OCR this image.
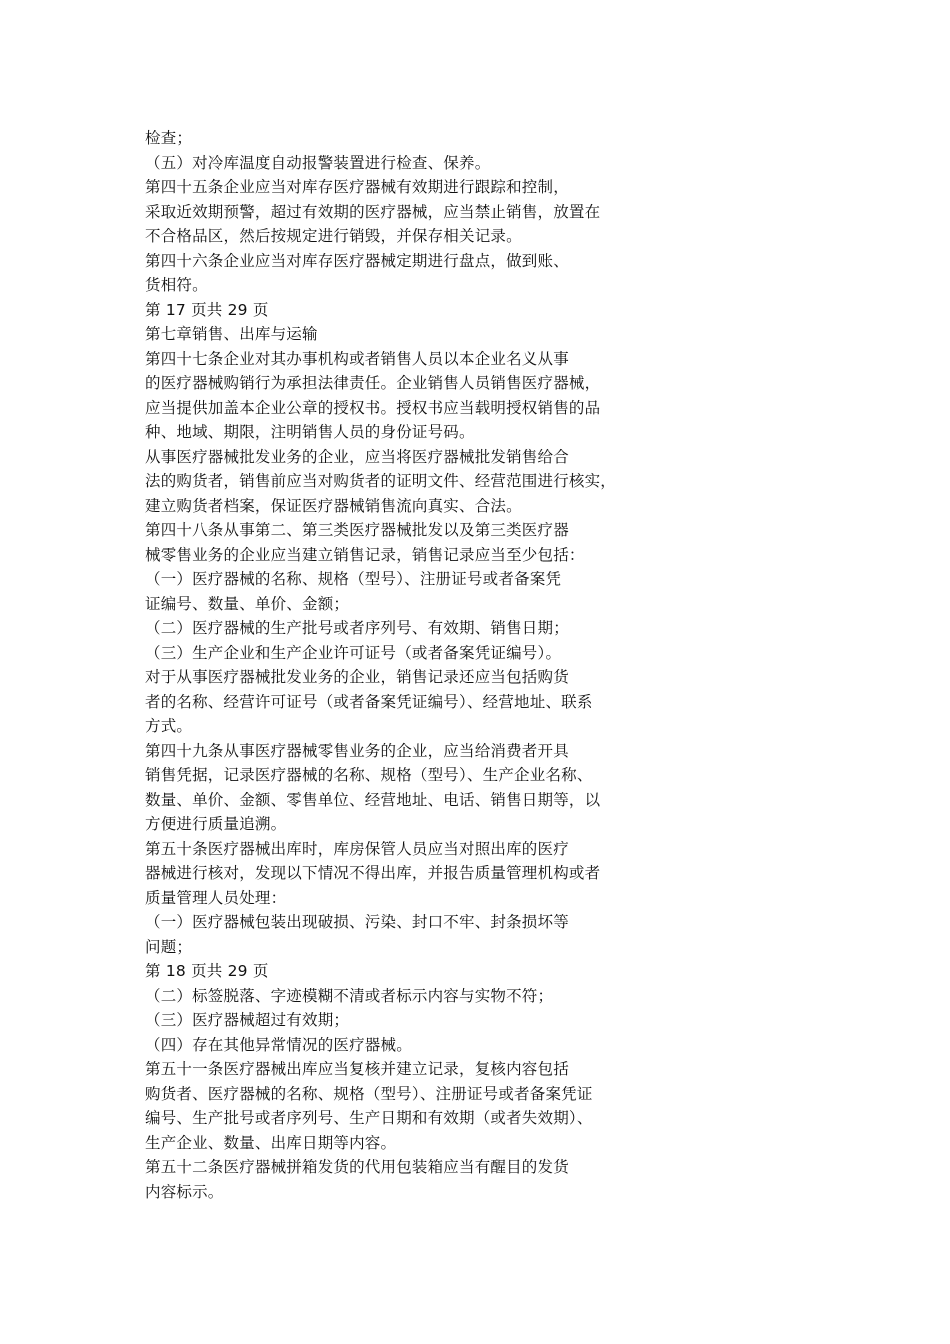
检查；
（五）对冷库温度自动报警装置进行检查、保养。
第四十五条企业应当对库存医疗器械有效期进行跟踪和控制，
采取近效期预警，超过有效期的医疗器械，应当禁止销售，放置在
不合格品区，然后按规定进行销毁，并保存相关记录。
第四十六条企业应当对库存医疗器械定期进行盘点，做到账、
货相符。
第 17 页共 29 页
第七章销售、出库与运输
第四十七条企业对其办事机构或者销售人员以本企业名义从事
的医疗器械购销行为承担法律责任。企业销售人员销售医疗器械，
应当提供加盖本企业公章的授权书。授权书应当载明授权销售的品
种、地域、期限，注明销售人员的身份证号码。
从事医疗器械批发业务的企业，应当将医疗器械批发销售给合
法的购货者，销售前应当对购货者的证明文件、经营范围进行核实，
建立购货者档案，保证医疗器械销售流向真实、合法。
第四十八条从事第二、第三类医疗器械批发以及第三类医疗器
械零售业务的企业应当建立销售记录，销售记录应当至少包括：
（一）医疗器械的名称、规格（型号）、注册证号或者备案凭
证编号、数量、单价、金额；
（二）医疗器械的生产批号或者序列号、有效期、销售日期；
（三）生产企业和生产企业许可证号（或者备案凭证编号）。
对于从事医疗器械批发业务的企业，销售记录还应当包括购货
者的名称、经营许可证号（或者备案凭证编号）、经营地址、联系
方式。
第四十九条从事医疗器械零售业务的企业，应当给消费者开具
销售凭据，记录医疗器械的名称、规格（型号）、生产企业名称、
数量、单价、金额、零售单位、经营地址、电话、销售日期等，以
方便进行质量追溯。
第五十条医疗器械出库时，库房保管人员应当对照出库的医疗
器械进行核对，发现以下情况不得出库，并报告质量管理机构或者
质量管理人员处理：
（一）医疗器械包装出现破损、污染、封口不牢、封条损坏等
问题；
第 18 页共 29 页
（二）标签脱落、字迹模糊不清或者标示内容与实物不符；
（三）医疗器械超过有效期；
（四）存在其他异常情况的医疗器械。
第五十一条医疗器械出库应当复核并建立记录，复核内容包括
购货者、医疗器械的名称、规格（型号）、注册证号或者备案凭证
编号、生产批号或者序列号、生产日期和有效期（或者失效期）、
生产企业、数量、出库日期等内容。
第五十二条医疗器械拼箱发货的代用包装箱应当有醒目的发货
内容标示。
